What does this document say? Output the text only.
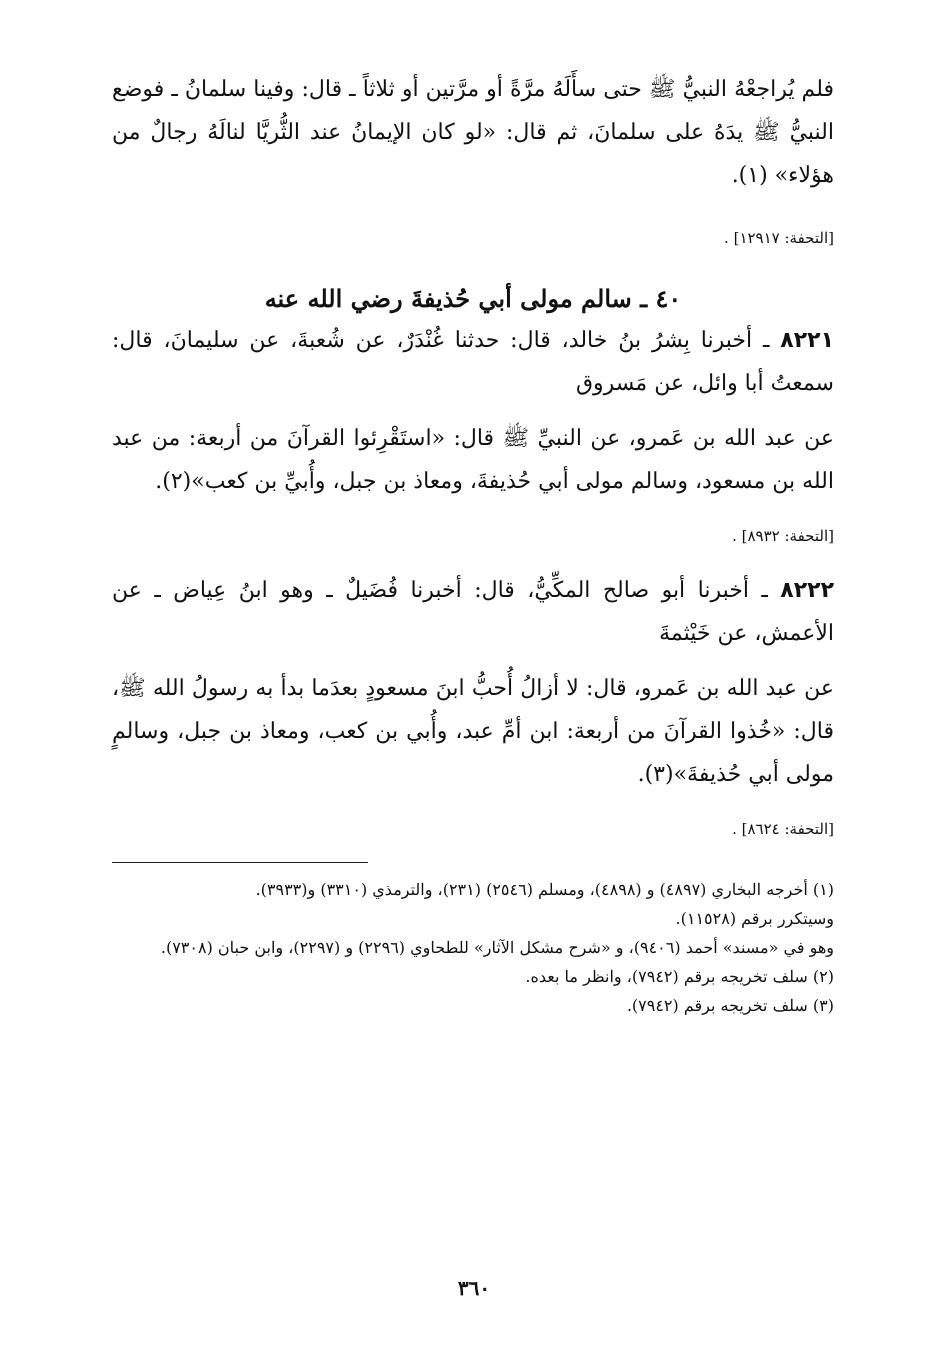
فلم يُراجعْهُ النبيُّ ﷺ حتى سأَلَهُ مرَّةً أو مرَّتين أو ثلاثاً ـ قال: وفينا سلمانُ ـ فوضع النبيُّ ﷺ يدَهُ على سلمانَ، ثم قال: «لو كان الإيمانُ عند الثُّريَّا لنالَهُ رجالٌ من هؤلاء» (١).

[التحفة: ١٢٩١٧] .

٤٠ ـ سالم مولى أبي حُذيفةَ رضي الله عنه

٨٢٢١ ـ أخبرنا بِشرُ بنُ خالد، قال: حدثنا غُنْدَرٌ، عن شُعبةَ، عن سليمانَ، قال: سمعتُ أبا وائل، عن مَسروق

عن عبد الله بن عَمرو، عن النبيِّ ﷺ قال: «استَقْرِئوا القرآنَ من أربعة: من عبد الله بن مسعود، وسالم مولى أبي حُذيفةَ، ومعاذ بن جبل، وأُبيِّ بن كعب»(٢).

[التحفة: ٨٩٣٢] .

٨٢٢٢ ـ أخبرنا أبو صالح المكِّيُّ، قال: أخبرنا فُضَيلٌ ـ وهو ابنُ عِياض ـ عن الأعمش، عن خَيْثمةَ

عن عبد الله بن عَمرو، قال: لا أزالُ أُحبُّ ابنَ مسعودٍ بعدَما بدأ به رسولُ الله ﷺ، قال: «خُذوا القرآنَ من أربعة: ابن أمِّ عبد، وأُبي بن كعب، ومعاذ بن جبل، وسالمٍ مولى أبي حُذيفةَ»(٣).

[التحفة: ٨٦٢٤] .

(١) أخرجه البخاري (٤٨٩٧) و (٤٨٩٨)، ومسلم (٢٥٤٦) (٢٣١)، والترمذي (٣٣١٠) و(٣٩٣٣).

وسيتكرر برقم (١١٥٢٨).

وهو في «مسند» أحمد (٩٤٠٦)، و «شرح مشكل الآثار» للطحاوي (٢٢٩٦) و (٢٢٩٧)، وابن حبان (٧٣٠٨).

(٢) سلف تخريجه برقم (٧٩٤٢)، وانظر ما بعده.

(٣) سلف تخريجه برقم (٧٩٤٢).

٣٦٠
